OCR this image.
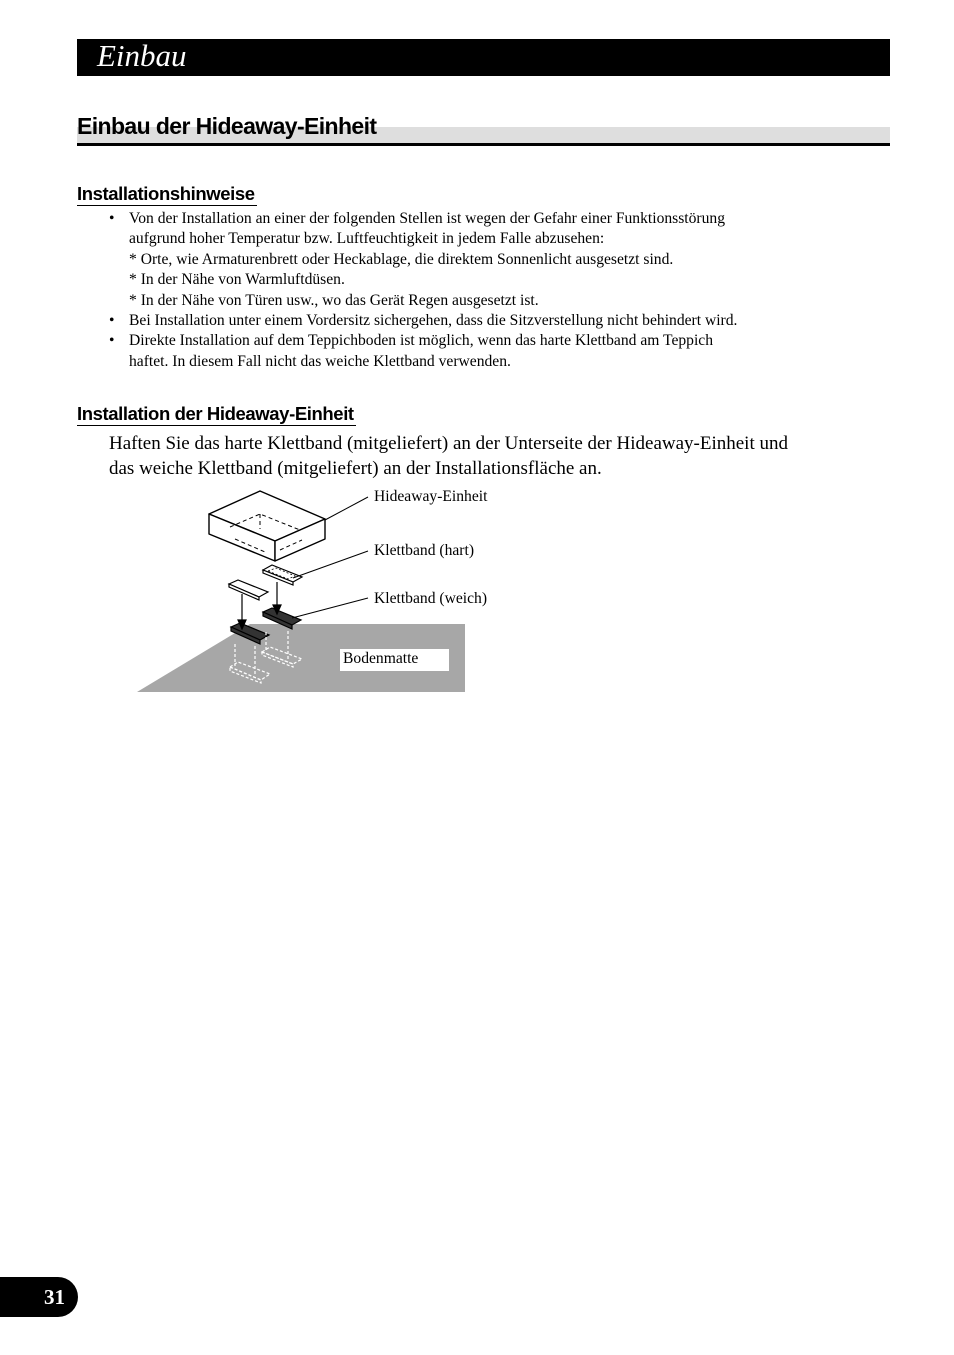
Einbau
Einbau der Hideaway-Einheit
Installationshinweise
• Von der Installation an einer der folgenden Stellen ist wegen der Gefahr einer Funktionsstörung
aufgrund hoher Temperatur bzw. Luftfeuchtigkeit in jedem Falle abzusehen:
* Orte, wie Armaturenbrett oder Heckablage, die direktem Sonnenlicht ausgesetzt sind.
* In der Nähe von Warmluftdüsen.
* In der Nähe von Türen usw., wo das Gerät Regen ausgesetzt ist.
• Bei Installation unter einem Vordersitz sichergehen, dass die Sitzverstellung nicht behindert wird.
• Direkte Installation auf dem Teppichboden ist möglich, wenn das harte Klettband am Teppich
haftet. In diesem Fall nicht das weiche Klettband verwenden.
Installation der Hideaway-Einheit
Haften Sie das harte Klettband (mitgeliefert) an der Unterseite der Hideaway-Einheit und
das weiche Klettband (mitgeliefert) an der Installationsfläche an.
Hideaway-Einheit
Klettband (hart)
Klettband (weich)
Bodenmatte
31
